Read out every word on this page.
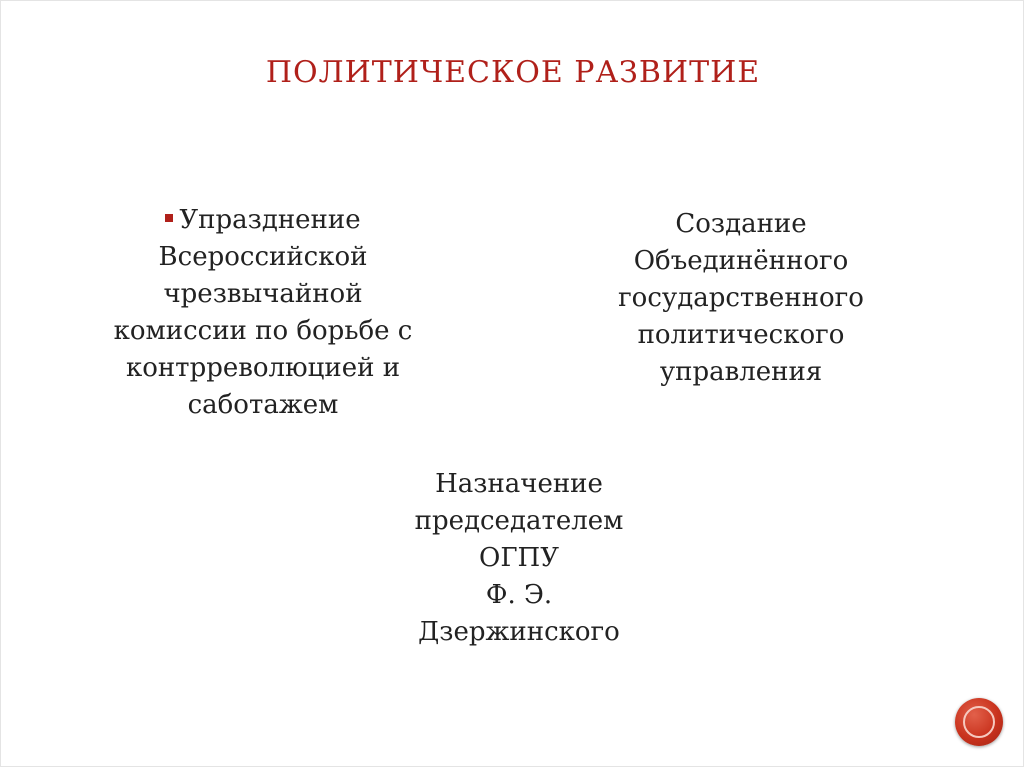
ПОЛИТИЧЕСКОЕ РАЗВИТИЕ
Упразднение
Всероссийской
чрезвычайной
комиссии по борьбе с
контрреволюцией и
саботажем
Создание
Объединённого
государственного
политического
управления
Назначение
председателем
ОГПУ
Ф. Э.
Дзержинского
